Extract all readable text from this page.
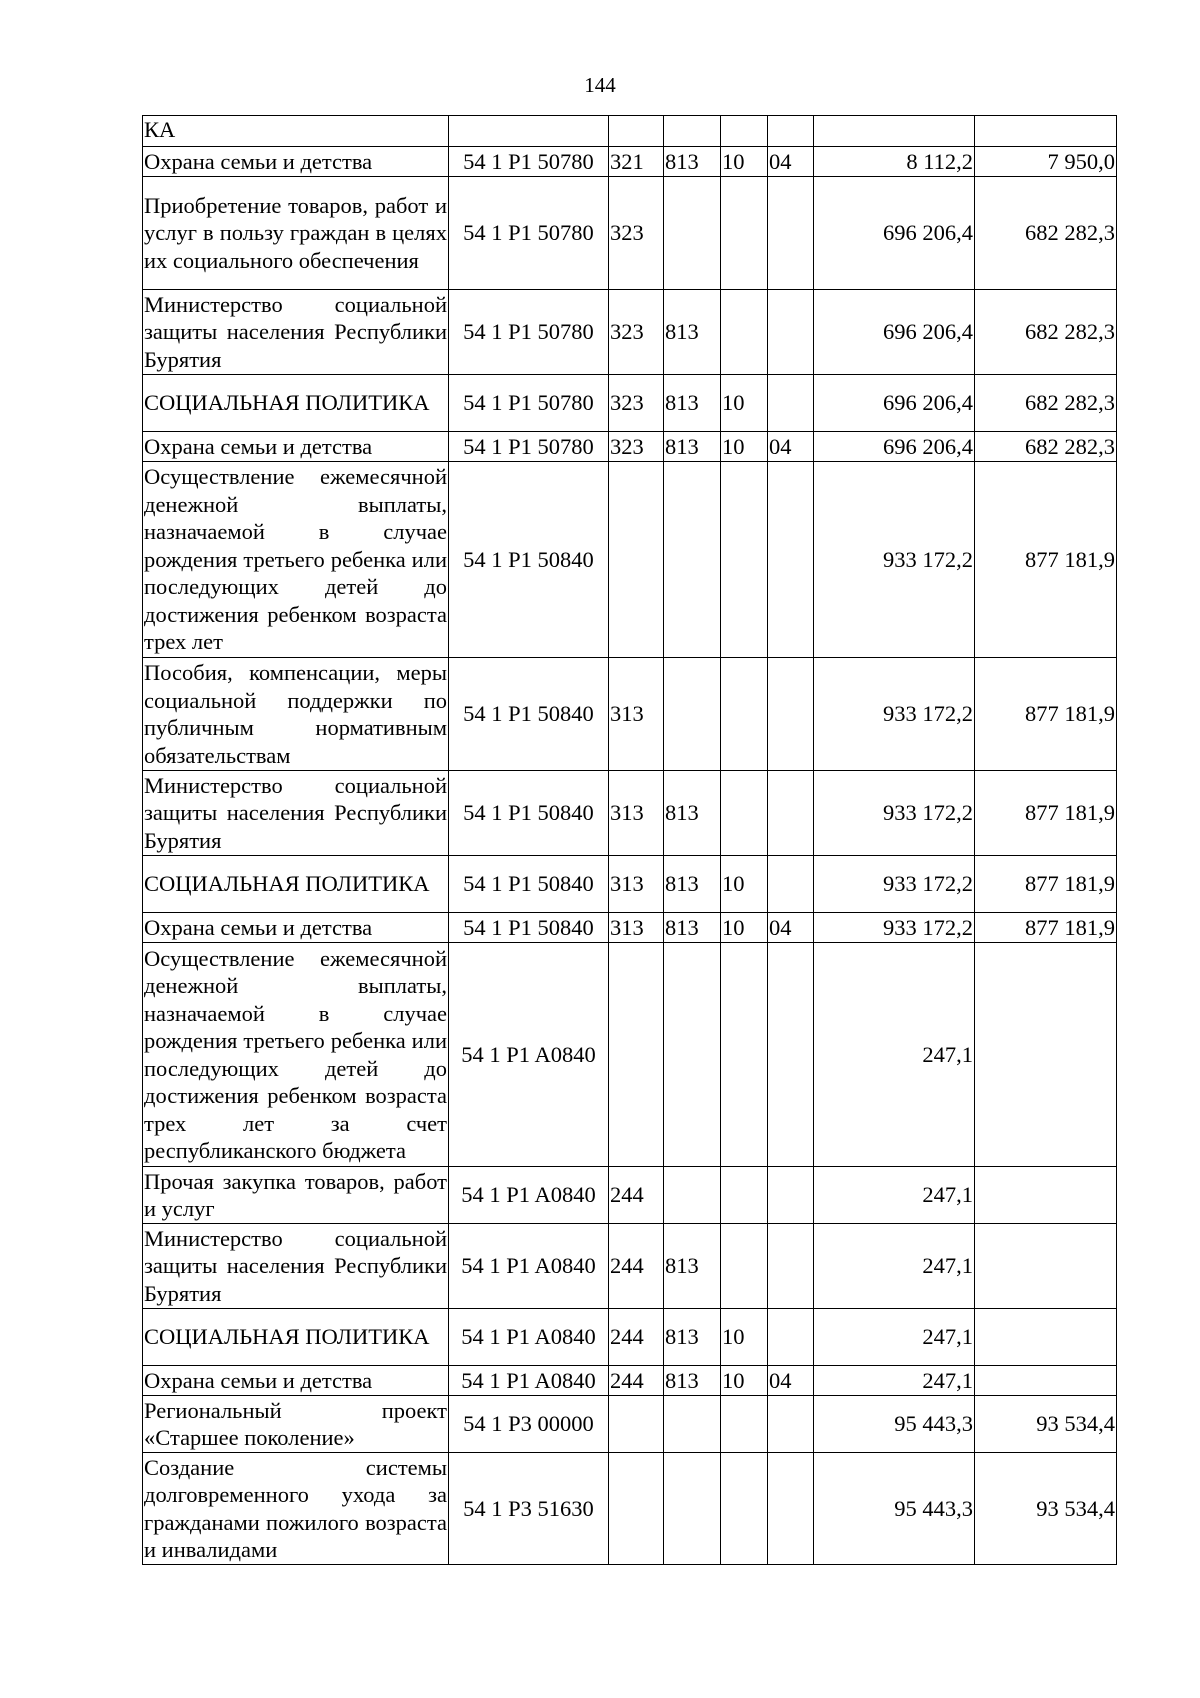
144
КА							
Охрана семьи и детства	54 1 P1 50780	321	813	10	04	8 112,2	7 950,0
Приобретение товаров, работ и услуг в пользу граждан в целях их социального обеспечения	54 1 P1 50780	323				696 206,4	682 282,3
Министерство социальной защиты населения Республики Бурятия	54 1 P1 50780	323	813			696 206,4	682 282,3
СОЦИАЛЬНАЯ ПОЛИТИКА	54 1 P1 50780	323	813	10		696 206,4	682 282,3
Охрана семьи и детства	54 1 P1 50780	323	813	10	04	696 206,4	682 282,3
Осуществление ежемесячной денежной выплаты, назначаемой в случае рождения третьего ребенка или последующих детей до достижения ребенком возраста трех лет	54 1 P1 50840					933 172,2	877 181,9
Пособия, компенсации, меры социальной поддержки по публичным нормативным обязательствам	54 1 P1 50840	313				933 172,2	877 181,9
Министерство социальной защиты населения Республики Бурятия	54 1 P1 50840	313	813			933 172,2	877 181,9
СОЦИАЛЬНАЯ ПОЛИТИКА	54 1 P1 50840	313	813	10		933 172,2	877 181,9
Охрана семьи и детства	54 1 P1 50840	313	813	10	04	933 172,2	877 181,9
Осуществление ежемесячной денежной выплаты, назначаемой в случае рождения третьего ребенка или последующих детей до достижения ребенком возраста трех лет за счет республиканского бюджета	54 1 P1 A0840					247,1	
Прочая закупка товаров, работ и услуг	54 1 P1 A0840	244				247,1	
Министерство социальной защиты населения Республики Бурятия	54 1 P1 A0840	244	813			247,1	
СОЦИАЛЬНАЯ ПОЛИТИКА	54 1 P1 A0840	244	813	10		247,1	
Охрана семьи и детства	54 1 P1 A0840	244	813	10	04	247,1	
Региональный проект «Старшее поколение»	54 1 P3 00000					95 443,3	93 534,4
Создание системы долговременного ухода за гражданами пожилого возраста и инвалидами	54 1 P3 51630					95 443,3	93 534,4
